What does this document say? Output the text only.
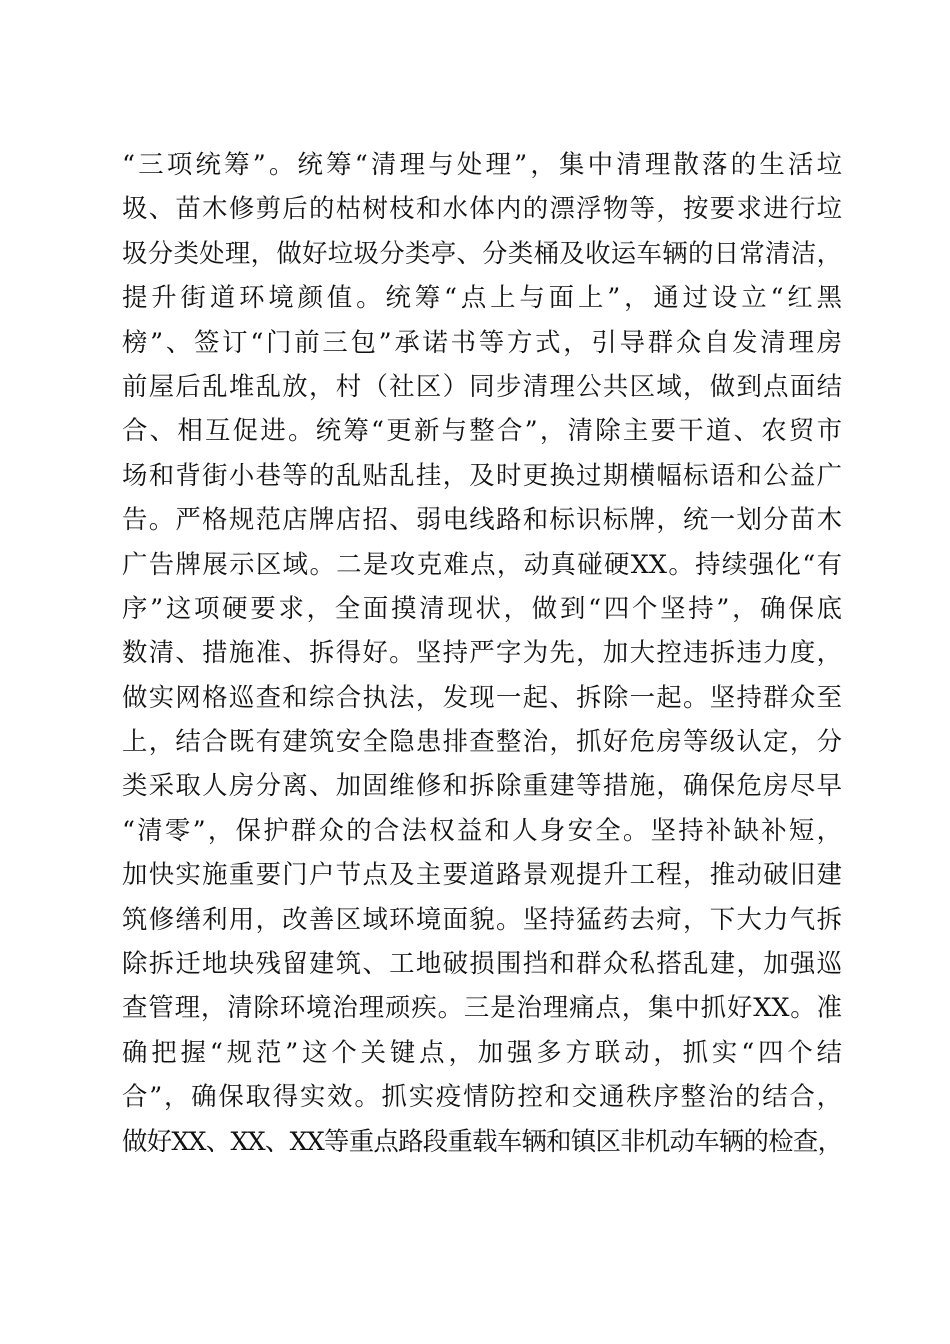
“三项统筹”。统筹“清理与处理”，集中清理散落的生活垃
圾、苗木修剪后的枯树枝和水体内的漂浮物等，按要求进行垃
圾分类处理，做好垃圾分类亭、分类桶及收运车辆的日常清洁，
提升街道环境颜值。统筹“点上与面上”，通过设立“红黑
榜”、签订“门前三包”承诺书等方式，引导群众自发清理房
前屋后乱堆乱放，村（社区）同步清理公共区域，做到点面结
合、相互促进。统筹“更新与整合”，清除主要干道、农贸市
场和背街小巷等的乱贴乱挂，及时更换过期横幅标语和公益广
告。严格规范店牌店招、弱电线路和标识标牌，统一划分苗木
广告牌展示区域。二是攻克难点，动真碰硬XX。持续强化“有
序”这项硬要求，全面摸清现状，做到“四个坚持”，确保底
数清、措施准、拆得好。坚持严字为先，加大控违拆违力度，
做实网格巡查和综合执法，发现一起、拆除一起。坚持群众至
上，结合既有建筑安全隐患排查整治，抓好危房等级认定，分
类采取人房分离、加固维修和拆除重建等措施，确保危房尽早
“清零”，保护群众的合法权益和人身安全。坚持补缺补短，
加快实施重要门户节点及主要道路景观提升工程，推动破旧建
筑修缮利用，改善区域环境面貌。坚持猛药去疴，下大力气拆
除拆迁地块残留建筑、工地破损围挡和群众私搭乱建，加强巡
查管理，清除环境治理顽疾。三是治理痛点，集中抓好XX。准
确把握“规范”这个关键点，加强多方联动，抓实“四个结
合”，确保取得实效。抓实疫情防控和交通秩序整治的结合，
做好XX、XX、XX等重点路段重载车辆和镇区非机动车辆的检查，
